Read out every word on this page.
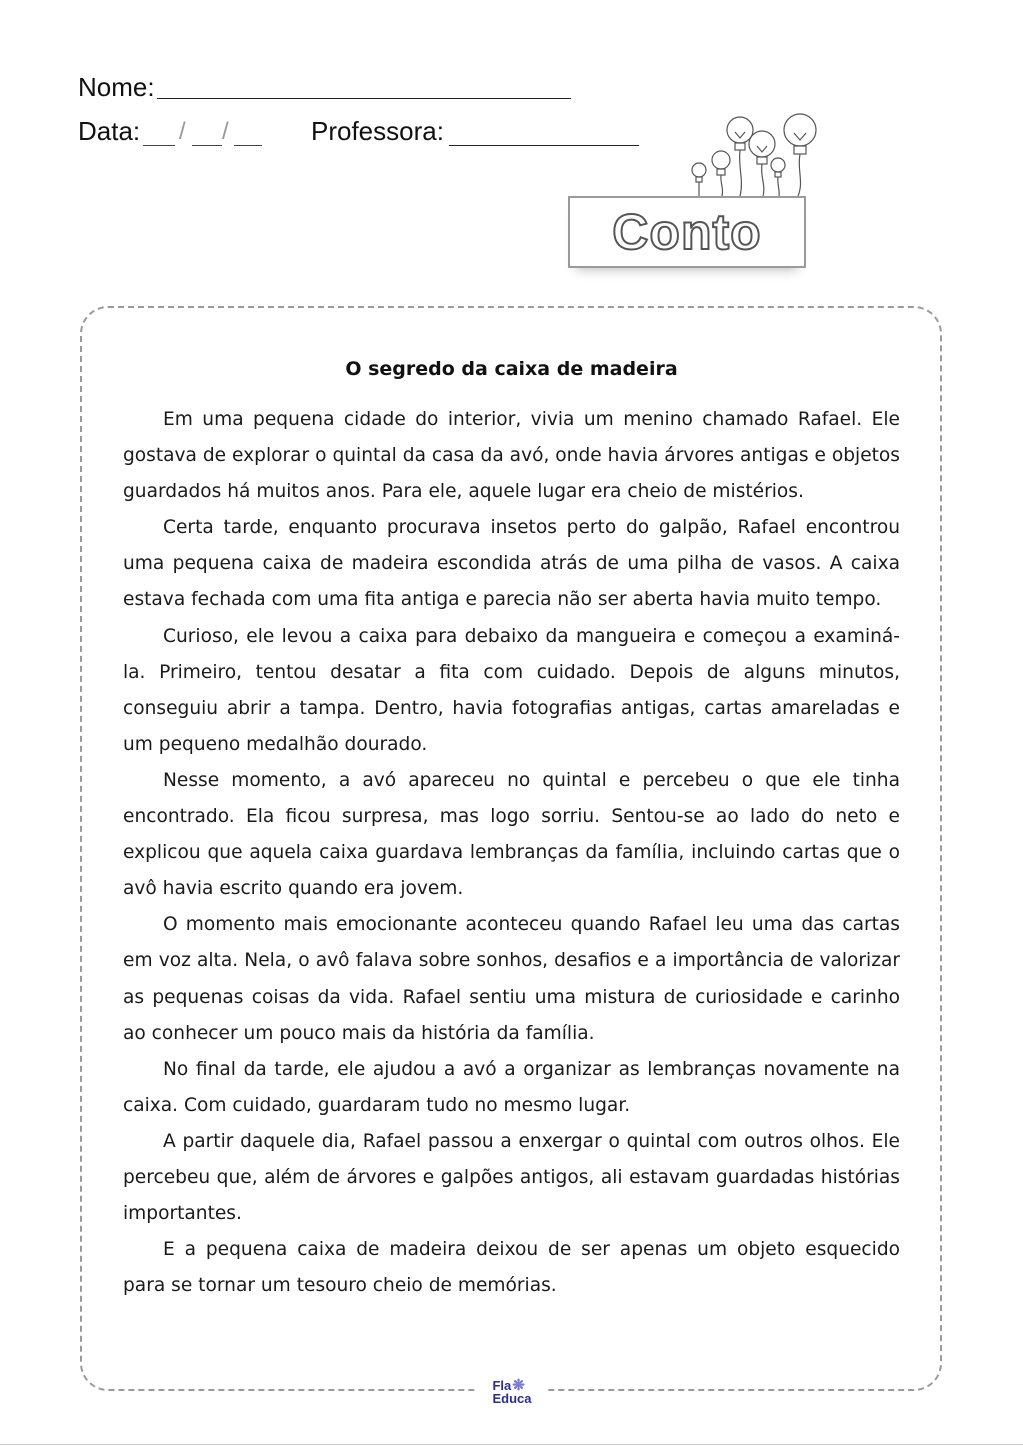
Nome:
Data: / /	Professora:
Conto
O segredo da caixa de madeira

Em uma pequena cidade do interior, vivia um menino chamado Rafael. Ele gostava de explorar o quintal da casa da avó, onde havia árvores antigas e objetos guardados há muitos anos. Para ele, aquele lugar era cheio de mistérios.

Certa tarde, enquanto procurava insetos perto do galpão, Rafael encontrou uma pequena caixa de madeira escondida atrás de uma pilha de vasos. A caixa estava fechada com uma fita antiga e parecia não ser aberta havia muito tempo.

Curioso, ele levou a caixa para debaixo da mangueira e começou a examiná-la. Primeiro, tentou desatar a fita com cuidado. Depois de alguns minutos, conseguiu abrir a tampa. Dentro, havia fotografias antigas, cartas amareladas e um pequeno medalhão dourado.

Nesse momento, a avó apareceu no quintal e percebeu o que ele tinha encontrado. Ela ficou surpresa, mas logo sorriu. Sentou-se ao lado do neto e explicou que aquela caixa guardava lembranças da família, incluindo cartas que o avô havia escrito quando era jovem.

O momento mais emocionante aconteceu quando Rafael leu uma das cartas em voz alta. Nela, o avô falava sobre sonhos, desafios e a importância de valorizar as pequenas coisas da vida. Rafael sentiu uma mistura de curiosidade e carinho ao conhecer um pouco mais da história da família.

No final da tarde, ele ajudou a avó a organizar as lembranças novamente na caixa. Com cuidado, guardaram tudo no mesmo lugar.

A partir daquele dia, Rafael passou a enxergar o quintal com outros olhos. Ele percebeu que, além de árvores e galpões antigos, ali estavam guardadas histórias importantes.

E a pequena caixa de madeira deixou de ser apenas um objeto esquecido para se tornar um tesouro cheio de memórias.

Fla❋
Educa
